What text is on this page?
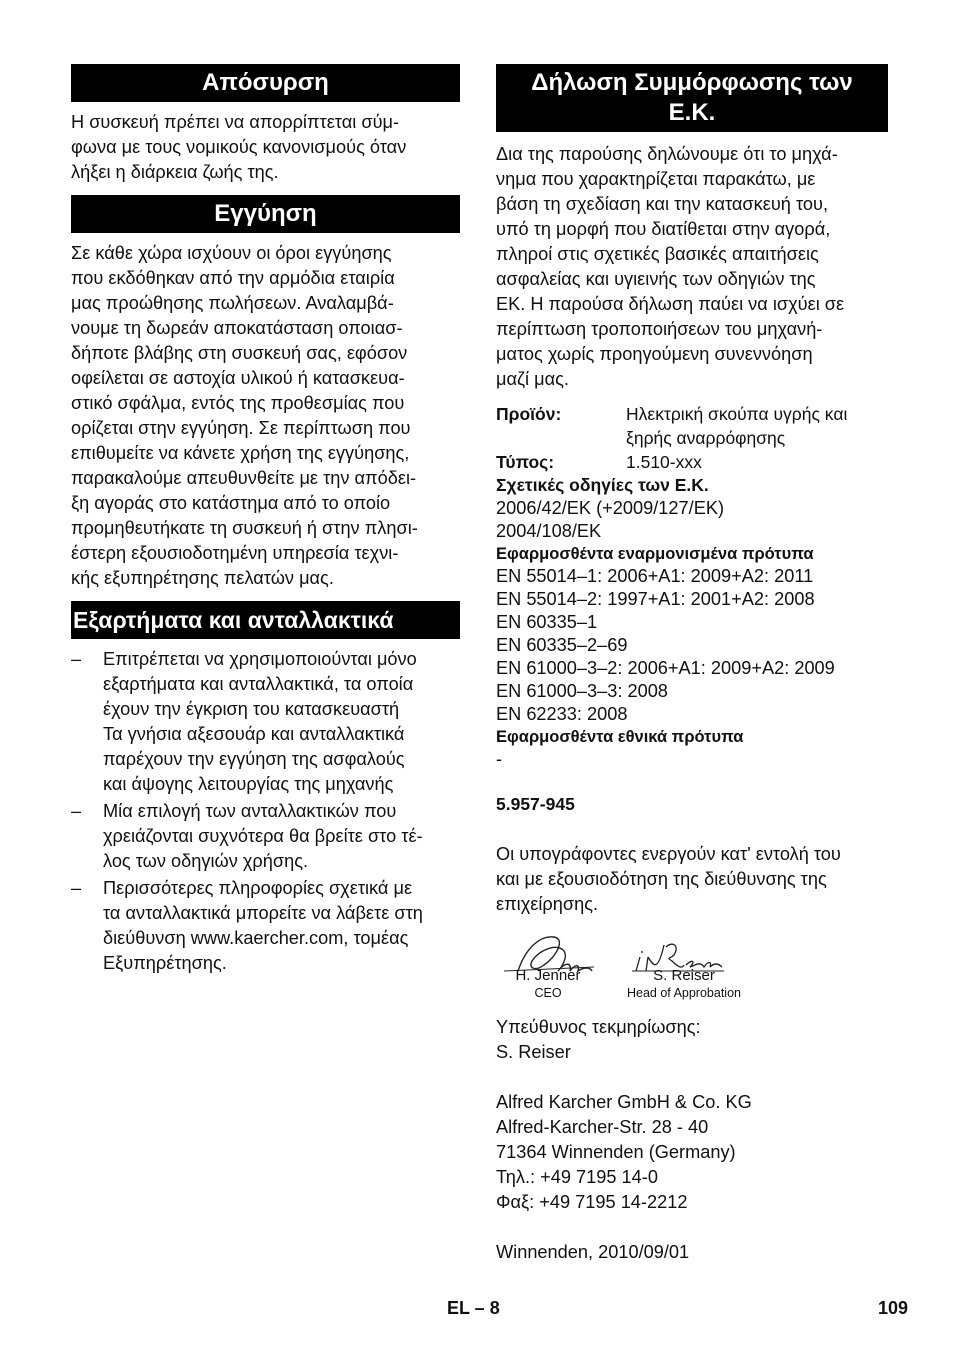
Απόσυρση

Η συσκευή πρέπει να απορρίπτεται σύμ-
φωνα με τους νομικούς κανονισμούς όταν
λήξει η διάρκεια ζωής της.

Εγγύηση

Σε κάθε χώρα ισχύουν οι όροι εγγύησης
που εκδόθηκαν από την αρμόδια εταιρία
μας προώθησης πωλήσεων. Αναλαμβά-
νουμε τη δωρεάν αποκατάσταση οποιασ-
δήποτε βλάβης στη συσκευή σας, εφόσον
οφείλεται σε αστοχία υλικού ή κατασκευα-
στικό σφάλμα, εντός της προθεσμίας που
ορίζεται στην εγγύηση. Σε περίπτωση που
επιθυμείτε να κάνετε χρήση της εγγύησης,
παρακαλούμε απευθυνθείτε με την απόδει-
ξη αγοράς στο κατάστημα από το οποίο
προμηθευτήκατε τη συσκευή ή στην πλησι-
έστερη εξουσιοδοτημένη υπηρεσία τεχνι-
κής εξυπηρέτησης πελατών μας.

Εξαρτήματα και ανταλλακτικά
– Επιτρέπεται να χρησιμοποιούνται μόνο
εξαρτήματα και ανταλλακτικά, τα οποία
έχουν την έγκριση του κατασκευαστή
Τα γνήσια αξεσουάρ και ανταλλακτικά
παρέχουν την εγγύηση της ασφαλούς
και άψογης λειτουργίας της μηχανής
– Μία επιλογή των ανταλλακτικών που
χρειάζονται συχνότερα θα βρείτε στο τέ-
λος των οδηγιών χρήσης.
– Περισσότερες πληροφορίες σχετικά με
τα ανταλλακτικά μπορείτε να λάβετε στη
διεύθυνση www.kaercher.com, τομέας
Εξυπηρέτησης.
Δήλωση Συμμόρφωσης των
Ε.Κ.

Δια της παρούσης δηλώνουμε ότι το μηχά-
νημα που χαρακτηρίζεται παρακάτω, με
βάση τη σχεδίαση και την κατασκευή του,
υπό τη μορφή που διατίθεται στην αγορά,
πληροί στις σχετικές βασικές απαιτήσεις
ασφαλείας και υγιεινής των οδηγιών της
ΕΚ. Η παρούσα δήλωση παύει να ισχύει σε
περίπτωση τροποποιήσεων του μηχανή-
ματος χωρίς προηγούμενη συνεννόηση
μαζί μας.

Προϊόν:	Ηλεκτρική σκούπα υγρής και
ξηρής αναρρόφησης
Τύπος:	1.510-xxx
Σχετικές οδηγίες των Ε.Κ.
2006/42/ΕΚ (+2009/127/ΕΚ)
2004/108/ΕΚ
Εφαρμοσθέντα εναρμονισμένα πρότυπα
EN 55014–1: 2006+A1: 2009+A2: 2011
EN 55014–2: 1997+A1: 2001+A2: 2008
EN 60335–1
EN 60335–2–69
EN 61000–3–2: 2006+A1: 2009+A2: 2009
EN 61000–3–3: 2008
EN 62233: 2008
Εφαρμοσθέντα εθνικά πρότυπα
-
5.957-945

Οι υπογράφοντες ενεργούν κατ' εντολή του
και με εξουσιοδότηση της διεύθυνσης της
επιχείρησης.

H. Jenner
CEO
S. Reiser
Head of Approbation

Υπεύθυνος τεκμηρίωσης:
S. Reiser

Alfred Karcher GmbH & Co. KG
Alfred-Karcher-Str. 28 - 40
71364 Winnenden (Germany)
Τηλ.: +49 7195 14-0
Φαξ: +49 7195 14-2212

Winnenden, 2010/09/01

EL – 8	109
